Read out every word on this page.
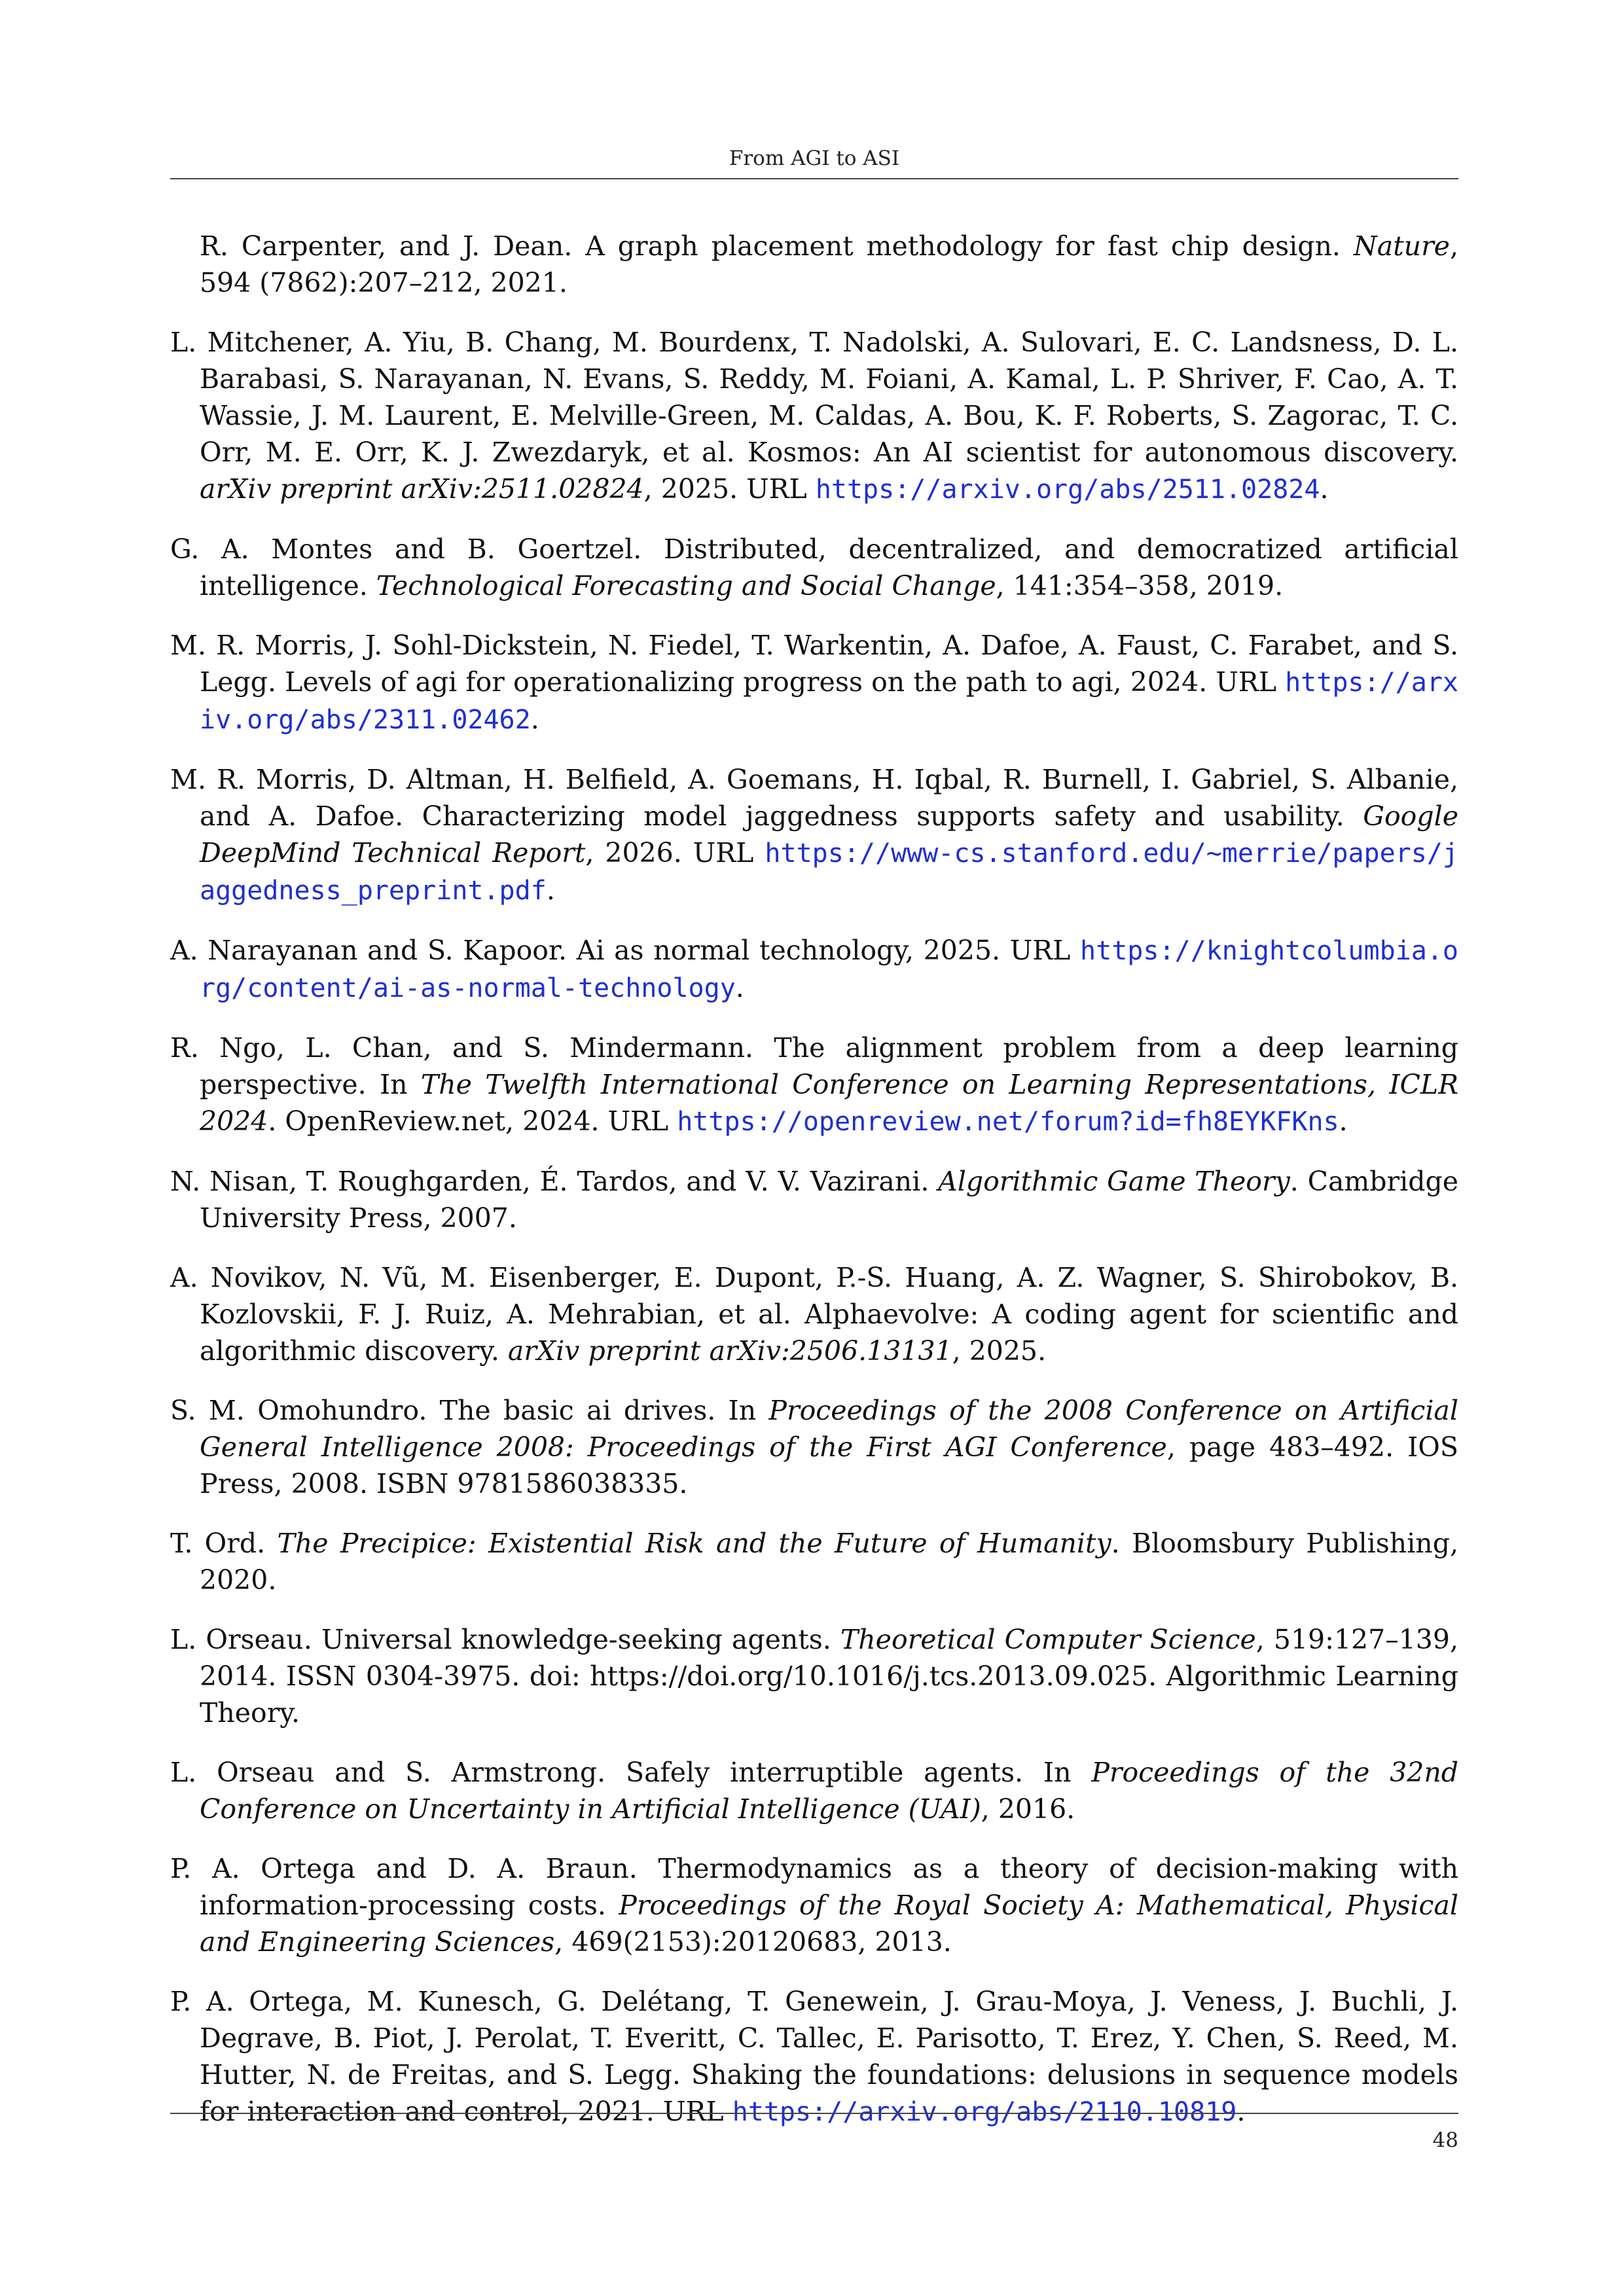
From AGI to ASI

R. Carpenter, and J. Dean. A graph placement methodology for fast chip design. Nature, 594 (7862):207–212, 2021.

L. Mitchener, A. Yiu, B. Chang, M. Bourdenx, T. Nadolski, A. Sulovari, E. C. Landsness, D. L. Barabasi, S. Narayanan, N. Evans, S. Reddy, M. Foiani, A. Kamal, L. P. Shriver, F. Cao, A. T. Wassie, J. M. Laurent, E. Melville-Green, M. Caldas, A. Bou, K. F. Roberts, S. Zagorac, T. C. Orr, M. E. Orr, K. J. Zwezdaryk, et al. Kosmos: An AI scientist for autonomous discovery. arXiv preprint arXiv:2511.02824, 2025. URL https://arxiv.org/abs/2511.02824.

G. A. Montes and B. Goertzel. Distributed, decentralized, and democratized artificial intelligence. Technological Forecasting and Social Change, 141:354–358, 2019.

M. R. Morris, J. Sohl-Dickstein, N. Fiedel, T. Warkentin, A. Dafoe, A. Faust, C. Farabet, and S. Legg. Levels of agi for operationalizing progress on the path to agi, 2024. URL https://arxiv.org/abs/2311.02462.

M. R. Morris, D. Altman, H. Belfield, A. Goemans, H. Iqbal, R. Burnell, I. Gabriel, S. Albanie, and A. Dafoe. Characterizing model jaggedness supports safety and usability. Google DeepMind Technical Report, 2026. URL https://www-cs.stanford.edu/~merrie/papers/jaggedness_preprint.pdf.

A. Narayanan and S. Kapoor. Ai as normal technology, 2025. URL https://knightcolumbia.org/content/ai-as-normal-technology.

R. Ngo, L. Chan, and S. Mindermann. The alignment problem from a deep learning perspective. In The Twelfth International Conference on Learning Representations, ICLR 2024. OpenReview.net, 2024. URL https://openreview.net/forum?id=fh8EYKFKns.

N. Nisan, T. Roughgarden, É. Tardos, and V. V. Vazirani. Algorithmic Game Theory. Cambridge University Press, 2007.

A. Novikov, N. Vũ, M. Eisenberger, E. Dupont, P.-S. Huang, A. Z. Wagner, S. Shirobokov, B. Kozlovskii, F. J. Ruiz, A. Mehrabian, et al. Alphaevolve: A coding agent for scientific and algorithmic discovery. arXiv preprint arXiv:2506.13131, 2025.

S. M. Omohundro. The basic ai drives. In Proceedings of the 2008 Conference on Artificial General Intelligence 2008: Proceedings of the First AGI Conference, page 483–492. IOS Press, 2008. ISBN 9781586038335.

T. Ord. The Precipice: Existential Risk and the Future of Humanity. Bloomsbury Publishing, 2020.

L. Orseau. Universal knowledge-seeking agents. Theoretical Computer Science, 519:127–139, 2014. ISSN 0304-3975. doi: https://doi.org/10.1016/j.tcs.2013.09.025. Algorithmic Learning Theory.

L. Orseau and S. Armstrong. Safely interruptible agents. In Proceedings of the 32nd Conference on Uncertainty in Artificial Intelligence (UAI), 2016.

P. A. Ortega and D. A. Braun. Thermodynamics as a theory of decision-making with information-processing costs. Proceedings of the Royal Society A: Mathematical, Physical and Engineering Sciences, 469(2153):20120683, 2013.

P. A. Ortega, M. Kunesch, G. Delétang, T. Genewein, J. Grau-Moya, J. Veness, J. Buchli, J. Degrave, B. Piot, J. Perolat, T. Everitt, C. Tallec, E. Parisotto, T. Erez, Y. Chen, S. Reed, M. Hutter, N. de Freitas, and S. Legg. Shaking the foundations: delusions in sequence models for interaction and control, 2021. URL https://arxiv.org/abs/2110.10819.

48
